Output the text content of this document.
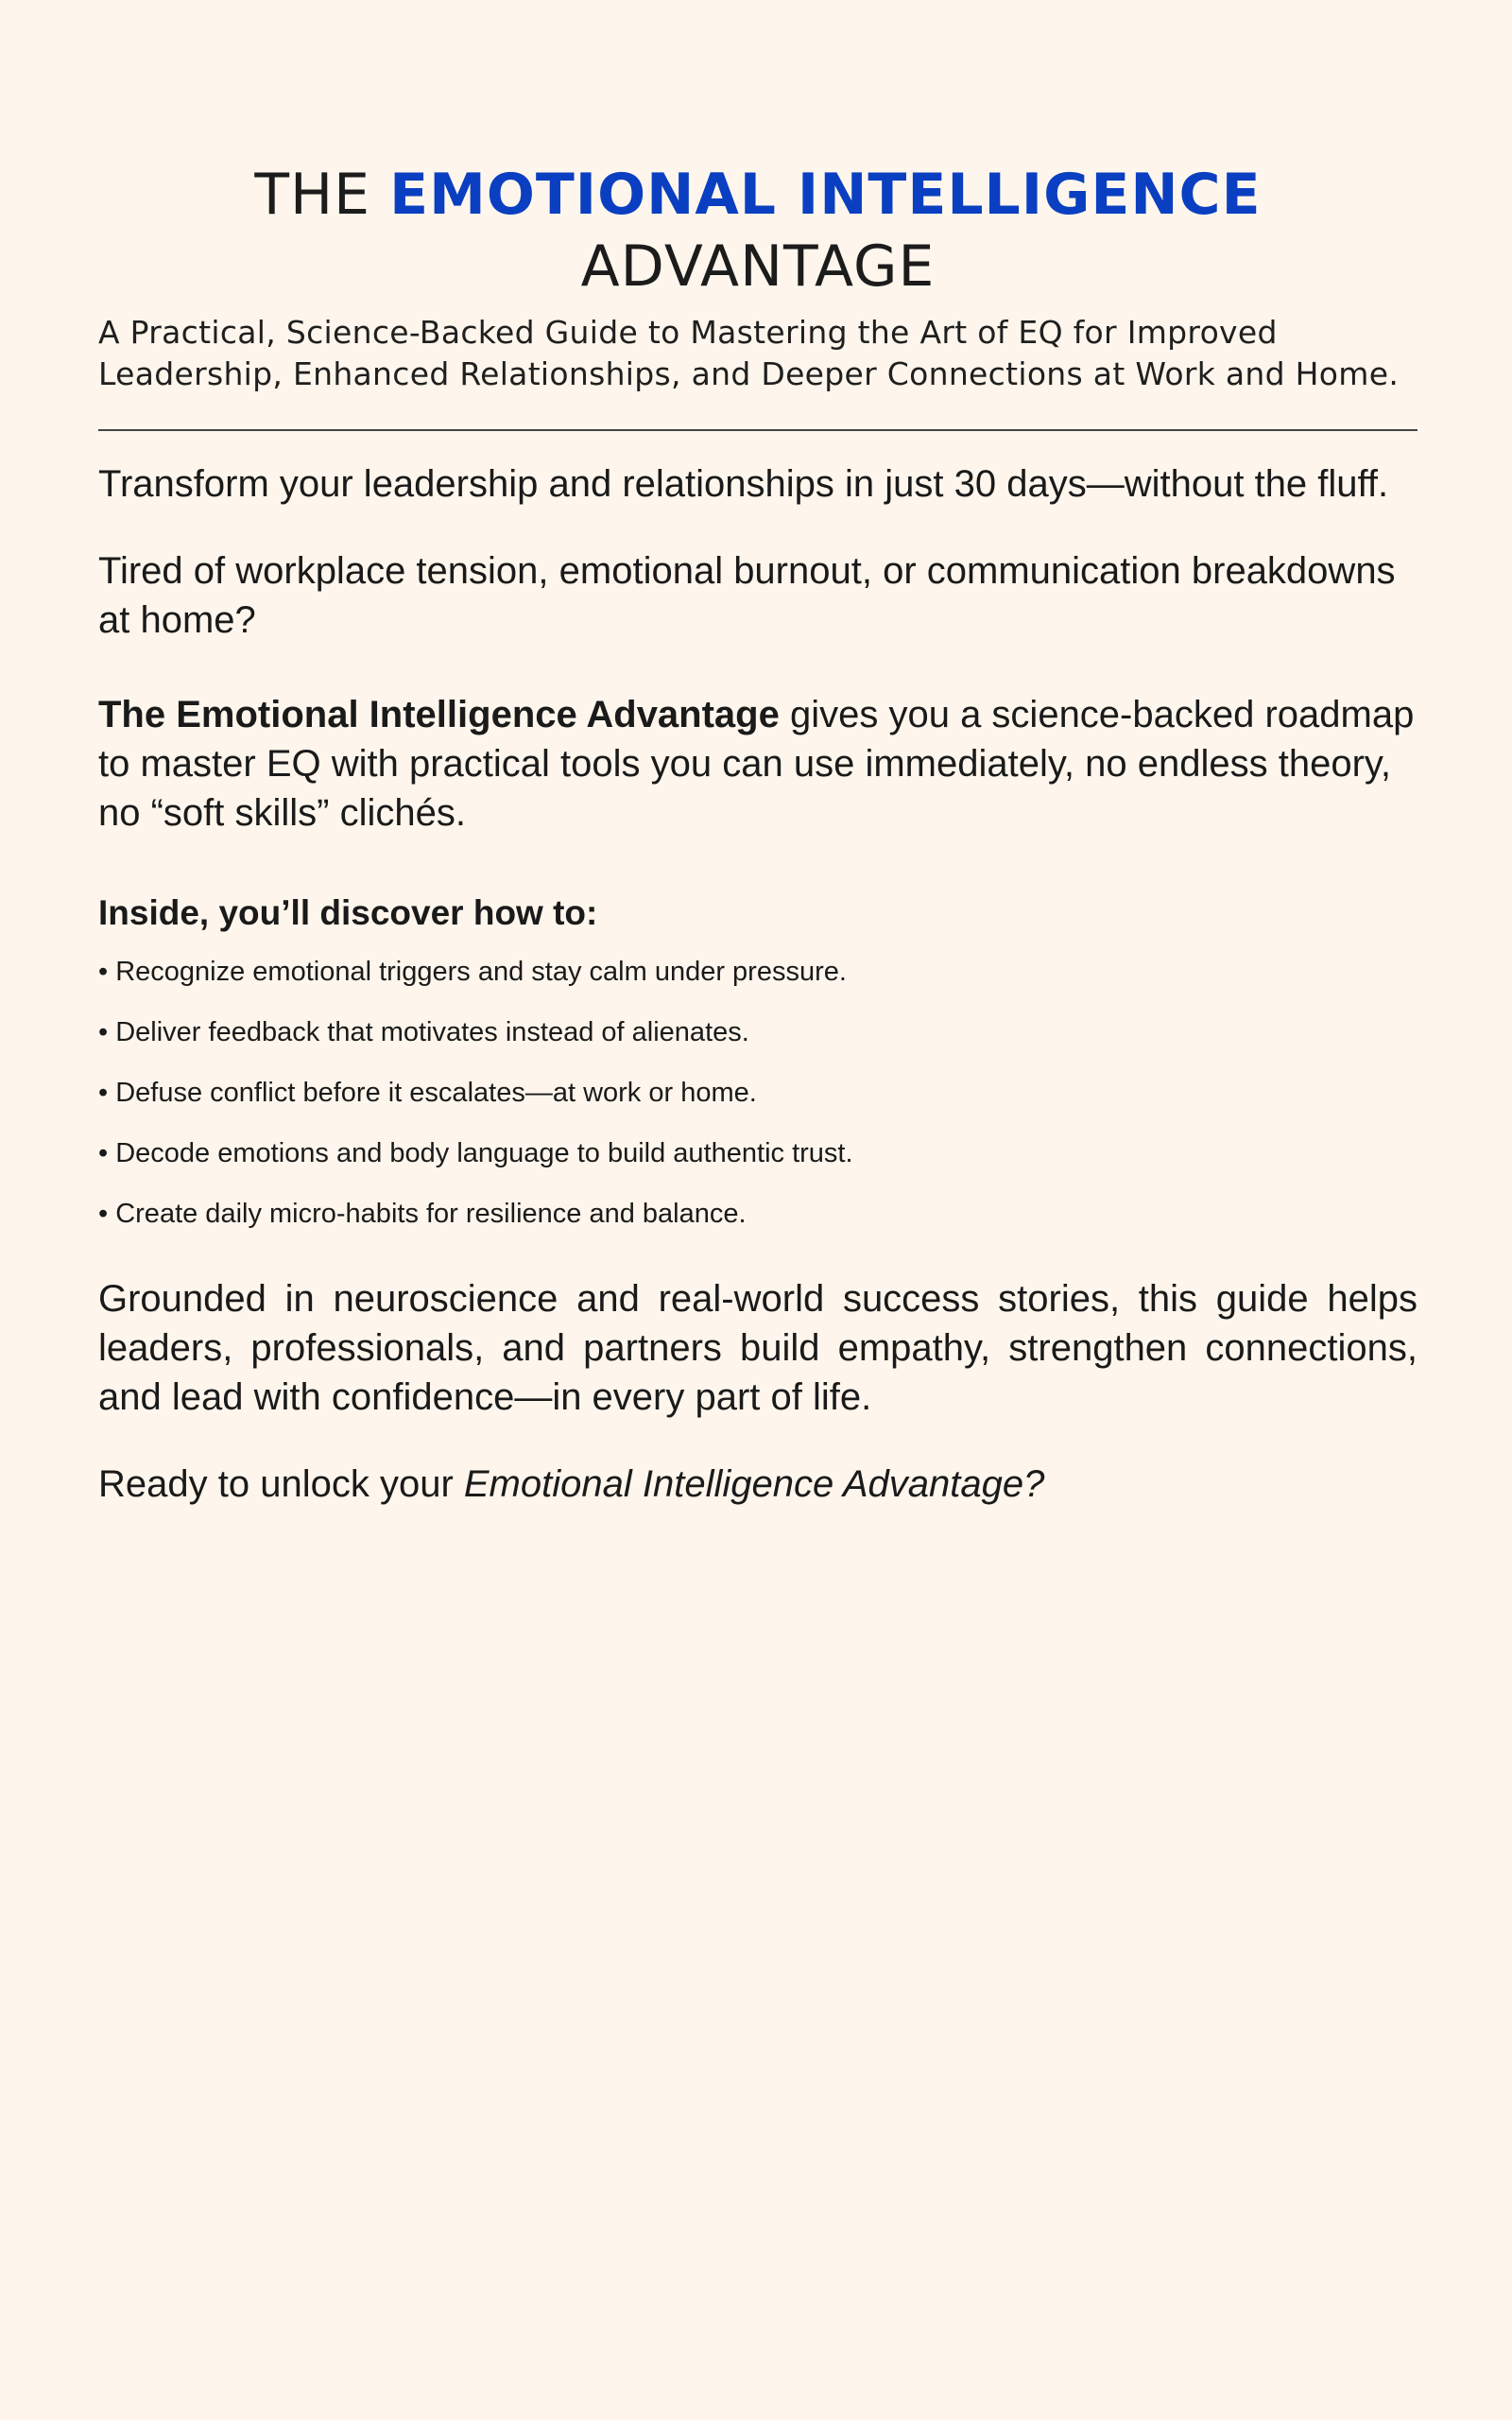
THE EMOTIONAL INTELLIGENCE ADVANTAGE

A Practical, Science-Backed Guide to Mastering the Art of EQ for Improved Leadership, Enhanced Relationships, and Deeper Connections at Work and Home.

Transform your leadership and relationships in just 30 days—without the fluff.

Tired of workplace tension, emotional burnout, or communication breakdowns at home?

The Emotional Intelligence Advantage gives you a science-backed roadmap to master EQ with practical tools you can use immediately, no endless theory, no “soft skills” clichés.

Inside, you’ll discover how to:
• Recognize emotional triggers and stay calm under pressure.
• Deliver feedback that motivates instead of alienates.
• Defuse conflict before it escalates—at work or home.
• Decode emotions and body language to build authentic trust.
• Create daily micro-habits for resilience and balance.

Grounded in neuroscience and real-world success stories, this guide helps leaders, professionals, and partners build empathy, strengthen connections, and lead with confidence—in every part of life.

Ready to unlock your Emotional Intelligence Advantage?
